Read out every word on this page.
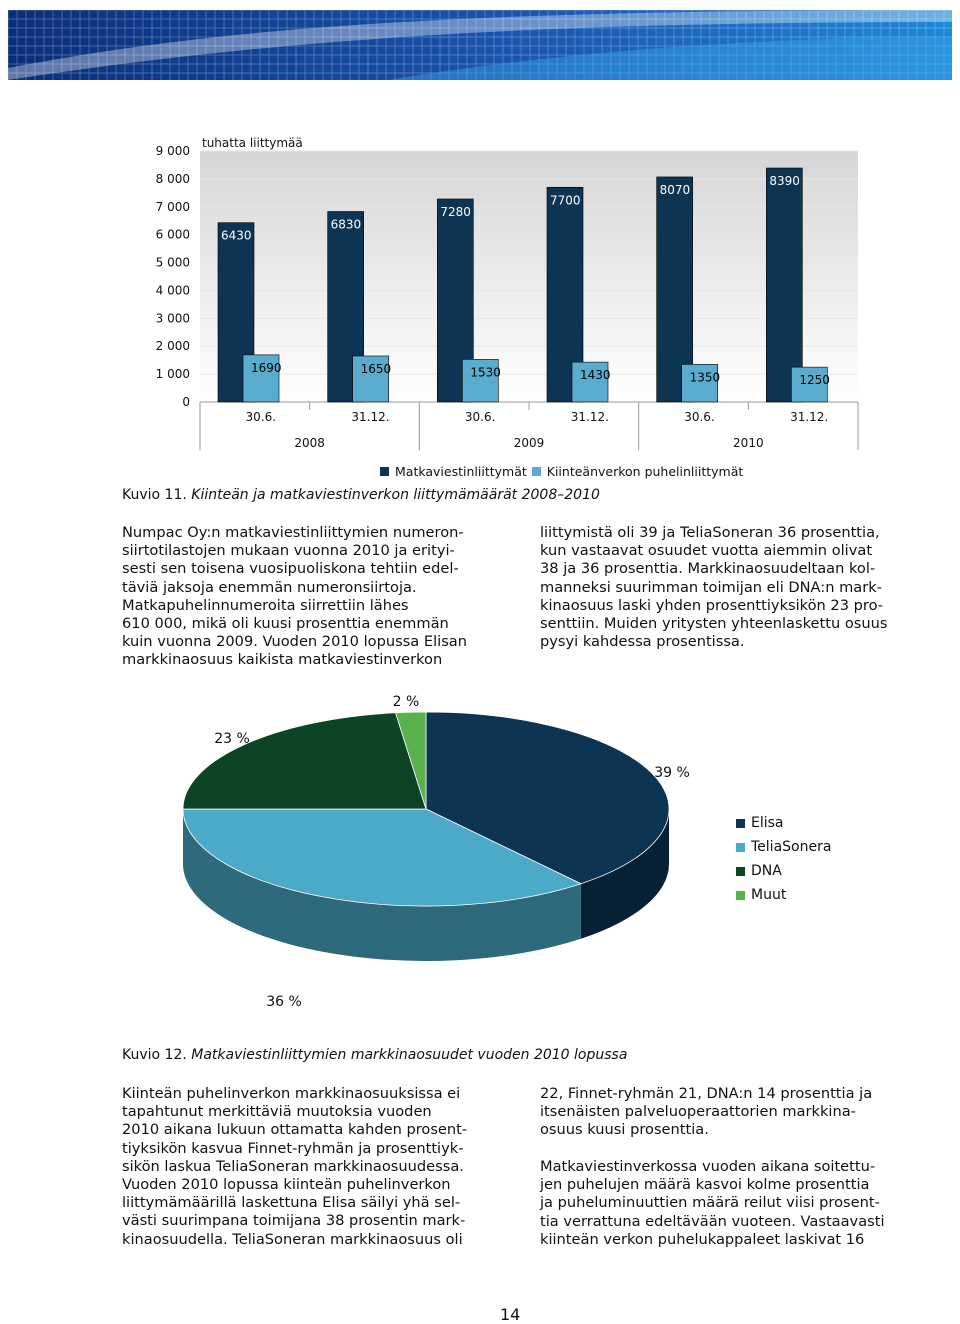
0
1 000
2 000
3 000
4 000
5 000
6 000
7 000
8 000
9 000
tuhatta liittymää
6430
6830
7280
7700
8070
8390
1690	1650	1530	1430	1350	1250
30.6.	31.12.	30.6.	31.12.	30.6.	31.12.
2008	2009	2010
Matkaviestinliittymät Kiinteänverkon puhelinliittymät
Kuvio 11. Kiinteän ja matkaviestinverkon liittymämäärät 2008–2010

Numpac Oy:n matkaviestinliittymien numeron-
siirtotilastojen mukaan vuonna 2010 ja erityi-
sesti sen toisena vuosipuoliskona tehtiin edel-
täviä jaksoja enemmän numeronsiirtoja.
Matkapuhelinnumeroita siirrettiin lähes
610 000, mikä oli kuusi prosenttia enemmän
kuin vuonna 2009. Vuoden 2010 lopussa Elisan
markkinaosuus kaikista matkaviestinverkon

liittymistä oli 39 ja TeliaSoneran 36 prosenttia,
kun vastaavat osuudet vuotta aiemmin olivat
38 ja 36 prosenttia. Markkinaosuudeltaan kol-
manneksi suurimman toimijan eli DNA:n mark-
kinaosuus laski yhden prosenttiyksikön 23 pro-
senttiin. Muiden yritysten yhteenlaskettu osuus
pysyi kahdessa prosentissa.

39 %
36 %
23 %
2 %
Elisa
TeliaSonera
DNA
Muut
Kuvio 12. Matkaviestinliittymien markkinaosuudet vuoden 2010 lopussa

Kiinteän puhelinverkon markkinaosuuksissa ei
tapahtunut merkittäviä muutoksia vuoden
2010 aikana lukuun ottamatta kahden prosent-
tiyksikön kasvua Finnet-ryhmän ja prosenttiyk-
sikön laskua TeliaSoneran markkinaosuudessa.
Vuoden 2010 lopussa kiinteän puhelinverkon
liittymämäärillä laskettuna Elisa säilyi yhä sel-
västi suurimpana toimijana 38 prosentin mark-
kinaosuudella. TeliaSoneran markkinaosuus oli

22, Finnet-ryhmän 21, DNA:n 14 prosenttia ja
itsenäisten palveluoperaattorien markkina-
osuus kuusi prosenttia.

Matkaviestinverkossa vuoden aikana soitettu-
jen puhelujen määrä kasvoi kolme prosenttia
ja puheluminuuttien määrä reilut viisi prosent-
tia verrattuna edeltävään vuoteen. Vastaavasti
kiinteän verkon puhelukappaleet laskivat 16

14
